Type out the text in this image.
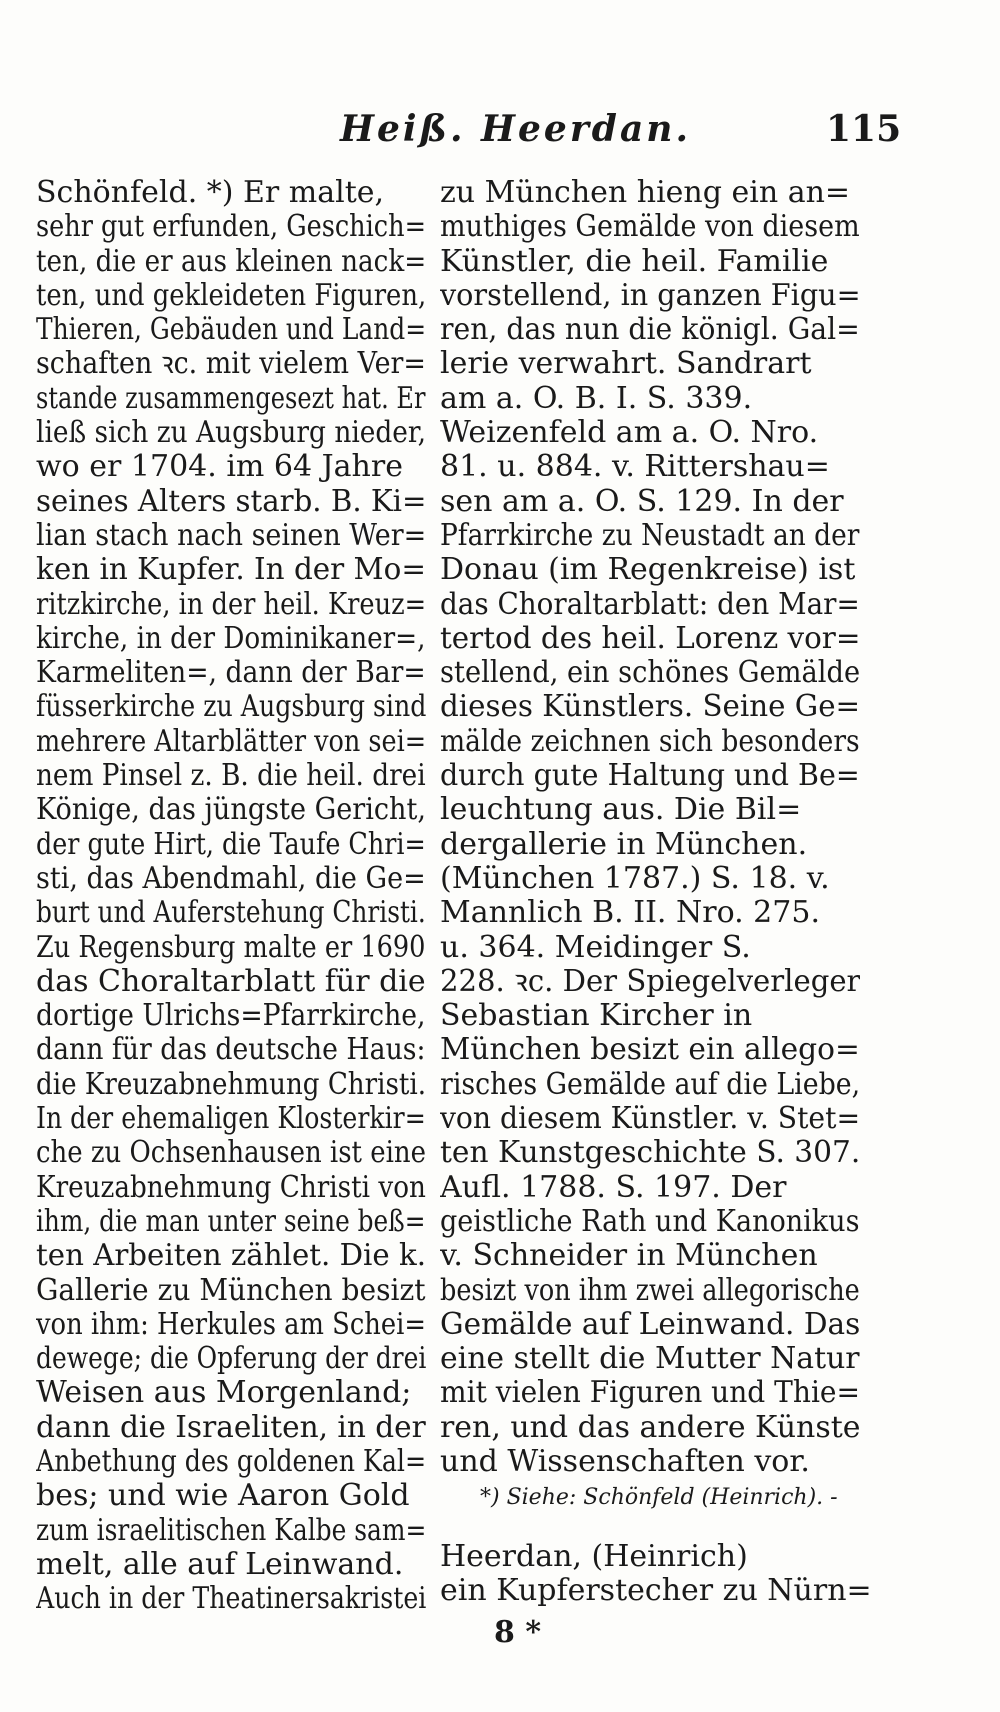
Heiß. Heerdan.	115
Schönfeld. *) Er malte,
sehr gut erfunden, Geschich=
ten, die er aus kleinen nack=
ten, und gekleideten Figuren,
Thieren, Gebäuden und Land=
schaften ꝛc. mit vielem Ver=
stande zusammengesezt hat. Er
ließ sich zu Augsburg nieder,
wo er 1704. im 64 Jahre
seines Alters starb. B. Ki=
lian stach nach seinen Wer=
ken in Kupfer. In der Mo=
ritzkirche, in der heil. Kreuz=
kirche, in der Dominikaner=,
Karmeliten=, dann der Bar=
füsserkirche zu Augsburg sind
mehrere Altarblätter von sei=
nem Pinsel z. B. die heil. drei
Könige, das jüngste Gericht,
der gute Hirt, die Taufe Chri=
sti, das Abendmahl, die Ge=
burt und Auferstehung Christi.
Zu Regensburg malte er 1690
das Choraltarblatt für die
dortige Ulrichs=Pfarrkirche,
dann für das deutsche Haus:
die Kreuzabnehmung Christi.
In der ehemaligen Klosterkir=
che zu Ochsenhausen ist eine
Kreuzabnehmung Christi von
ihm, die man unter seine beß=
ten Arbeiten zählet. Die k.
Gallerie zu München besizt
von ihm: Herkules am Schei=
dewege; die Opferung der drei
Weisen aus Morgenland;
dann die Israeliten, in der
Anbethung des goldenen Kal=
bes; und wie Aaron Gold
zum israelitischen Kalbe sam=
melt, alle auf Leinwand.
Auch in der Theatinersakristei
zu München hieng ein an=
muthiges Gemälde von diesem
Künstler, die heil. Familie
vorstellend, in ganzen Figu=
ren, das nun die königl. Gal=
lerie verwahrt. Sandrart
am a. O. B. I. S. 339.
Weizenfeld am a. O. Nro.
81. u. 884. v. Rittershau=
sen am a. O. S. 129. In der
Pfarrkirche zu Neustadt an der
Donau (im Regenkreise) ist
das Choraltarblatt: den Mar=
tertod des heil. Lorenz vor=
stellend, ein schönes Gemälde
dieses Künstlers. Seine Ge=
mälde zeichnen sich besonders
durch gute Haltung und Be=
leuchtung aus. Die Bil=
dergallerie in München.
(München 1787.) S. 18. v.
Mannlich B. II. Nro. 275.
u. 364. Meidinger S.
228. ꝛc. Der Spiegelverleger
Sebastian Kircher in
München besizt ein allego=
risches Gemälde auf die Liebe,
von diesem Künstler. v. Stet=
ten Kunstgeschichte S. 307.
Aufl. 1788. S. 197. Der
geistliche Rath und Kanonikus
v. Schneider in München
besizt von ihm zwei allegorische
Gemälde auf Leinwand. Das
eine stellt die Mutter Natur
mit vielen Figuren und Thie=
ren, und das andere Künste
und Wissenschaften vor.
*) Siehe: Schönfeld (Heinrich). -
Heerdan, (Heinrich)
ein Kupferstecher zu Nürn=
8 *
